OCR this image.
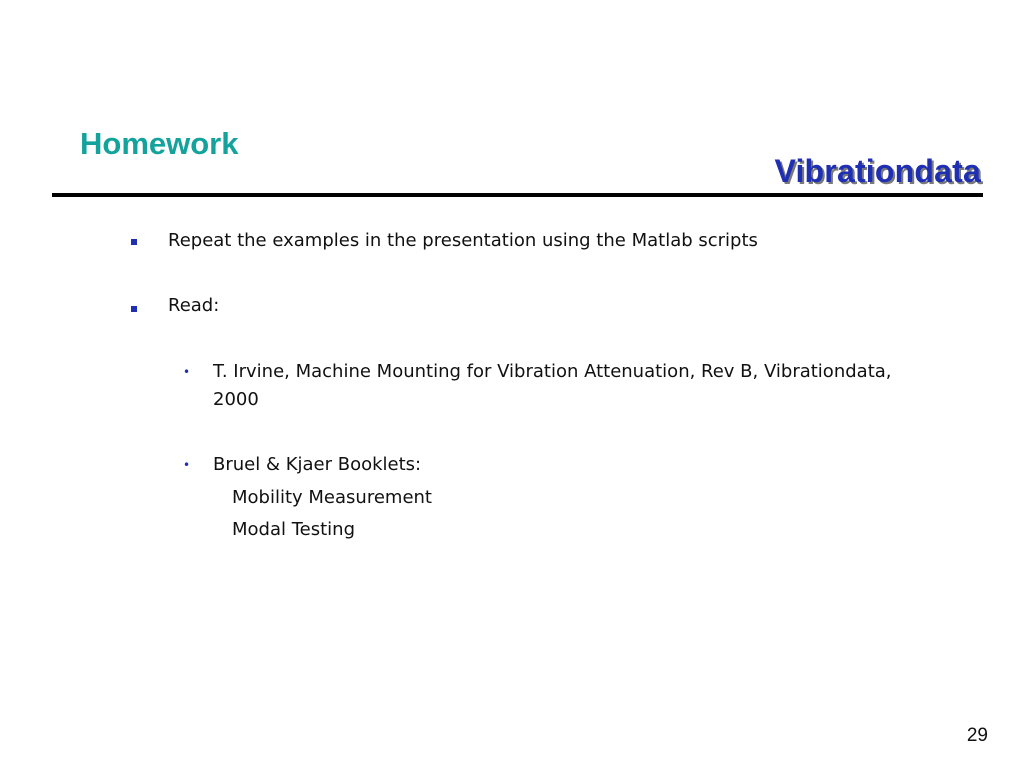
Homework
Vibrationdata
Repeat the examples in the presentation using the Matlab scripts
Read:
• T. Irvine, Machine Mounting for Vibration Attenuation, Rev B, Vibrationdata,
2000
• Bruel & Kjaer Booklets:
Mobility Measurement
Modal Testing
29
